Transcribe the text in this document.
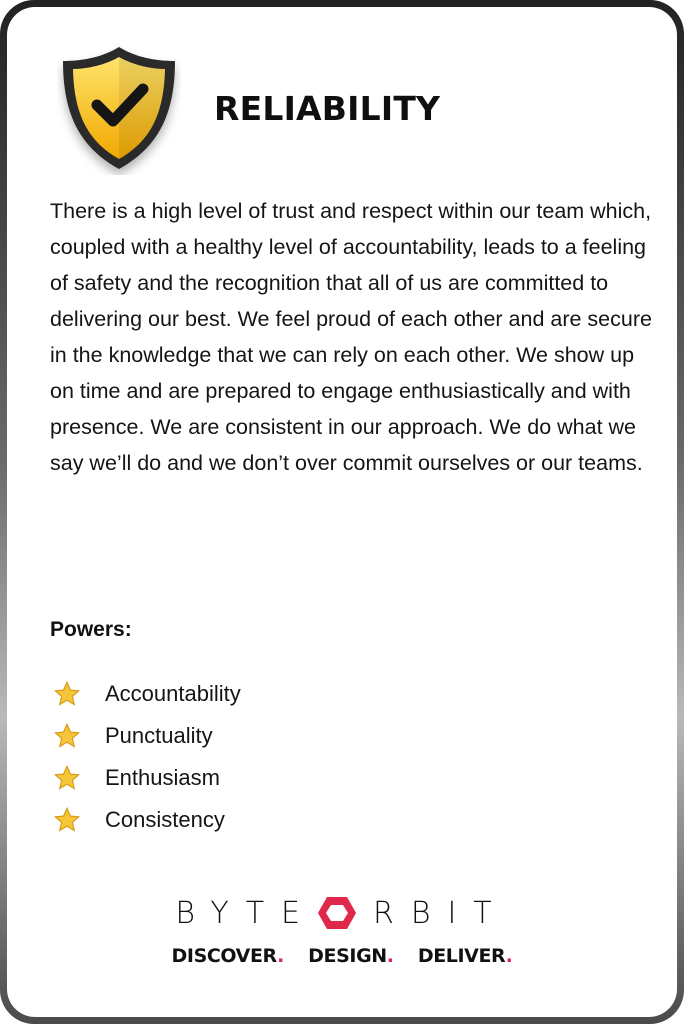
RELIABILITY

There is a high level of trust and respect within our team which, coupled with a healthy level of accountability, leads to a feeling of safety and the recognition that all of us are committed to delivering our best. We feel proud of each other and are secure in the knowledge that we can rely on each other. We show up on time and are prepared to engage enthusiastically and with presence. We are consistent in our approach. We do what we say we’ll do and we don’t over commit ourselves or our teams.

Powers:
Accountability
Punctuality
Enthusiasm
Consistency
BYTE RBIT
DISCOVER. DESIGN. DELIVER.
